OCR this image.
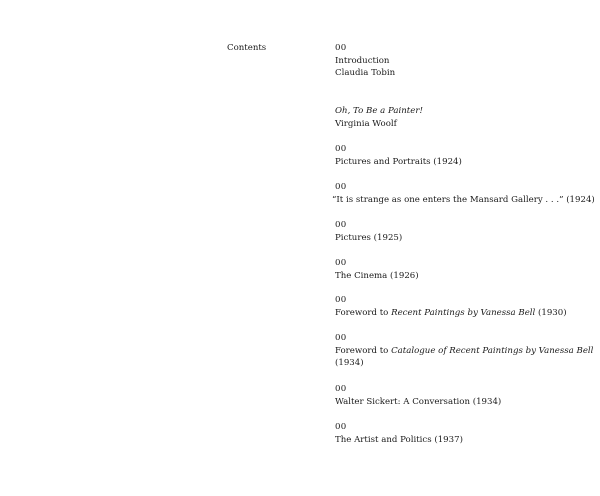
Contents	00
Introduction
Claudia Tobin
Oh, To Be a Painter!
Virginia Woolf
00
Pictures and Portraits (1924)
00
“It is strange as one enters the Mansard Gallery . . .” (1924)
00
Pictures (1925)
00
The Cinema (1926)
00
Foreword to Recent Paintings by Vanessa Bell (1930)
00
Foreword to Catalogue of Recent Paintings by Vanessa Bell
(1934)
00
Walter Sickert: A Conversation (1934)
00
The Artist and Politics (1937)
